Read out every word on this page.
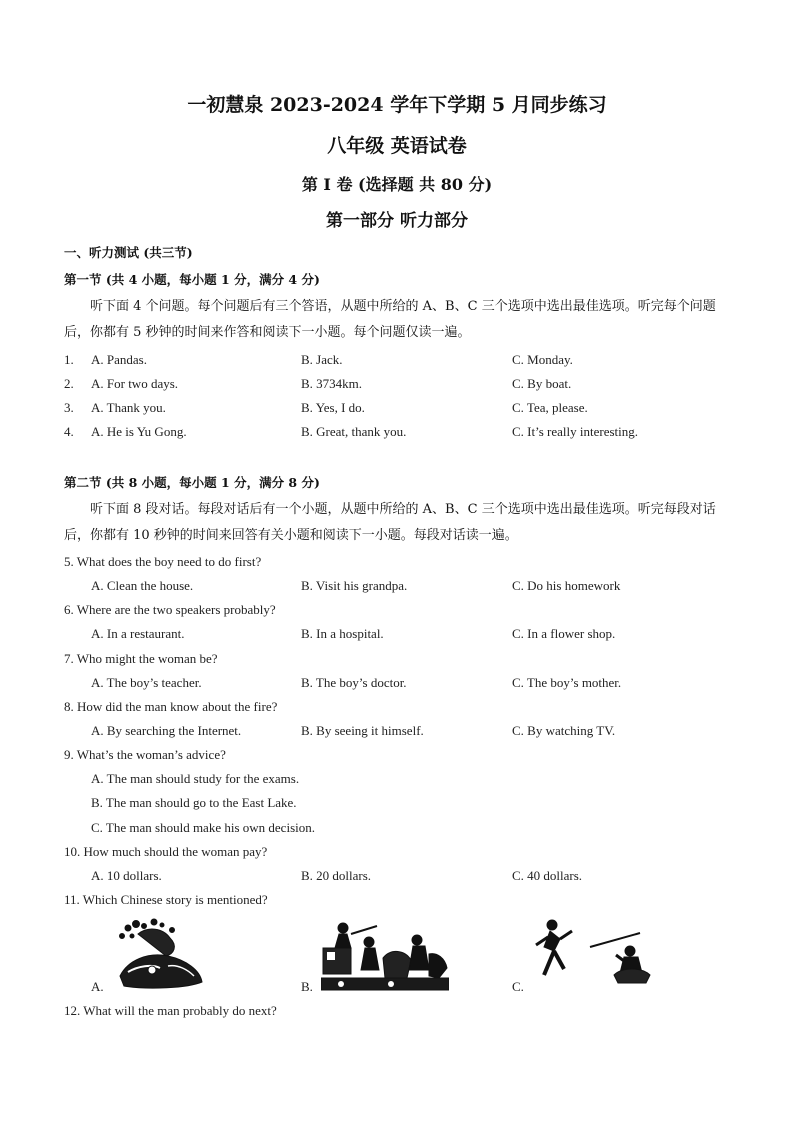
一初慧泉 2023-2024 学年下学期 5 月同步练习
八年级 英语试卷
第 I 卷 (选择题 共 80 分)
第一部分 听力部分
一、听力测试 (共三节)
第一节 (共 4 小题，每小题 1 分，满分 4 分)
听下面 4 个问题。每个问题后有三个答语，从题中所给的 A、B、C 三个选项中选出最佳选项。听完每个问题后，你都有 5 秒钟的时间来作答和阅读下一小题。每个问题仅读一遍。
1. A. Pandas.	B. Jack.	C. Monday.
2. A. For two days.	B. 3734km.	C. By boat.
3. A. Thank you.	B. Yes, I do.	C. Tea, please.
4. A. He is Yu Gong.	B. Great, thank you.	C. It’s really interesting.
第二节 (共 8 小题，每小题 1 分，满分 8 分)
听下面 8 段对话。每段对话后有一个小题，从题中所给的 A、B、C 三个选项中选出最佳选项。听完每段对话后，你都有 10 秒钟的时间来回答有关小题和阅读下一小题。每段对话读一遍。
5. What does the boy need to do first?
A. Clean the house.	B. Visit his grandpa.	C. Do his homework
6. Where are the two speakers probably?
A. In a restaurant.	B. In a hospital.	C. In a flower shop.
7. Who might the woman be?
A. The boy’s teacher.	B. The boy’s doctor.	C. The boy’s mother.
8. How did the man know about the fire?
A. By searching the Internet.	B. By seeing it himself.	C. By watching TV.
9. What’s the woman’s advice?
A. The man should study for the exams.
B. The man should go to the East Lake.
C. The man should make his own decision.
10. How much should the woman pay?
A. 10 dollars.	B. 20 dollars.	C. 40 dollars.
11. Which Chinese story is mentioned?
A.	B.	C.
12. What will the man probably do next?
